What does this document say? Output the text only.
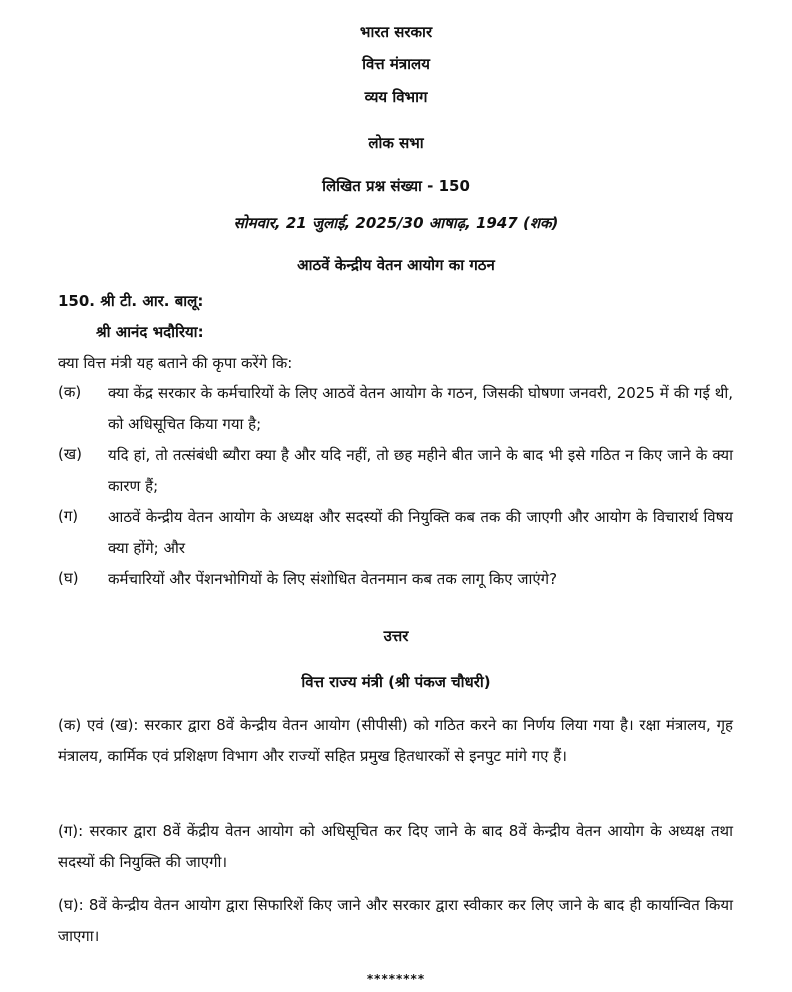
भारत सरकार
वित्त मंत्रालय
व्यय विभाग
लोक सभा
लिखित प्रश्न संख्या - 150
सोमवार, 21 जुलाई, 2025/30 आषाढ़, 1947 (शक)
आठवें केन्द्रीय वेतन आयोग का गठन
150. श्री टी. आर. बालू:
श्री आनंद भदौरिया:
क्या वित्त मंत्री यह बताने की कृपा करेंगे कि:
(क) क्या केंद्र सरकार के कर्मचारियों के लिए आठवें वेतन आयोग के गठन, जिसकी घोषणा जनवरी, 2025 में की गई थी, को अधिसूचित किया गया है;
(ख) यदि हां, तो तत्संबंधी ब्यौरा क्या है और यदि नहीं, तो छह महीने बीत जाने के बाद भी इसे गठित न किए जाने के क्या कारण हैं;
(ग) आठवें केन्द्रीय वेतन आयोग के अध्यक्ष और सदस्यों की नियुक्ति कब तक की जाएगी और आयोग के विचारार्थ विषय क्या होंगे; और
(घ) कर्मचारियों और पेंशनभोगियों के लिए संशोधित वेतनमान कब तक लागू किए जाएंगे?
उत्तर
वित्त राज्य मंत्री (श्री पंकज चौधरी)
(क) एवं (ख): सरकार द्वारा 8वें केन्द्रीय वेतन आयोग (सीपीसी) को गठित करने का निर्णय लिया गया है। रक्षा मंत्रालय, गृह मंत्रालय, कार्मिक एवं प्रशिक्षण विभाग और राज्यों सहित प्रमुख हितधारकों से इनपुट मांगे गए हैं।
(ग): सरकार द्वारा 8वें केंद्रीय वेतन आयोग को अधिसूचित कर दिए जाने के बाद 8वें केन्द्रीय वेतन आयोग के अध्यक्ष तथा सदस्यों की नियुक्ति की जाएगी।
(घ): 8वें केन्द्रीय वेतन आयोग द्वारा सिफारिशें किए जाने और सरकार द्वारा स्वीकार कर लिए जाने के बाद ही कार्यान्वित किया जाएगा।
********
